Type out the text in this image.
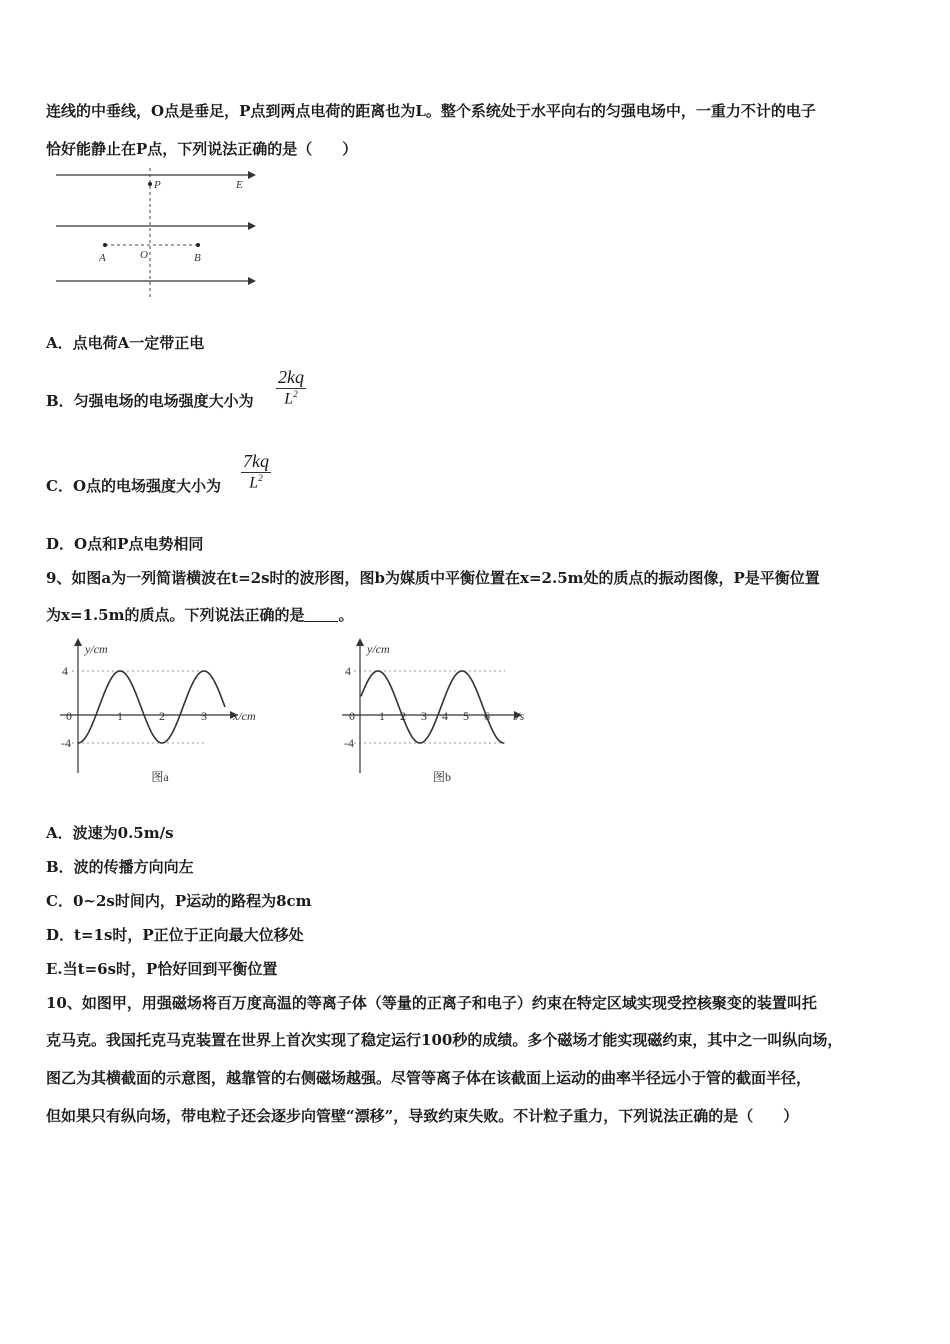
连线的中垂线，O点是垂足，P点到两点电荷的距离也为L。整个系统处于水平向右的匀强电场中，一重力不计的电子
恰好能静止在P点，下列说法正确的是（　　）
P	E
O
A	B
A．点电荷A一定带正电
B．匀强电场的电场强度大小为
2kq
$L^2$
C．O点的电场强度大小为
7kq
$L^2$
D．O点和P点电势相同
9、如图a为一列简谐横波在t=2s时的波形图，图b为媒质中平衡位置在x=2.5m处的质点的振动图像，P是平衡位置
为x=1.5m的质点。下列说法正确的是 。
y/cm
x/cm
4
-4
0	1	2	3
图a
y/cm
t/s
4
-4
0 1 2 3 4 5 6
图b
A．波速为0.5m/s
B．波的传播方向向左
C．0~2s时间内，P运动的路程为8cm
D．t=1s时，P正位于正向最大位移处
E.当t=6s时，P恰好回到平衡位置
10、如图甲，用强磁场将百万度高温的等离子体（等量的正离子和电子）约束在特定区域实现受控核聚变的装置叫托
克马克。我国托克马克装置在世界上首次实现了稳定运行100秒的成绩。多个磁场才能实现磁约束，其中之一叫纵向场，
图乙为其横截面的示意图，越靠管的右侧磁场越强。尽管等离子体在该截面上运动的曲率半径远小于管的截面半径，
但如果只有纵向场，带电粒子还会逐步向管壁“漂移”，导致约束失败。不计粒子重力，下列说法正确的是（　　）
